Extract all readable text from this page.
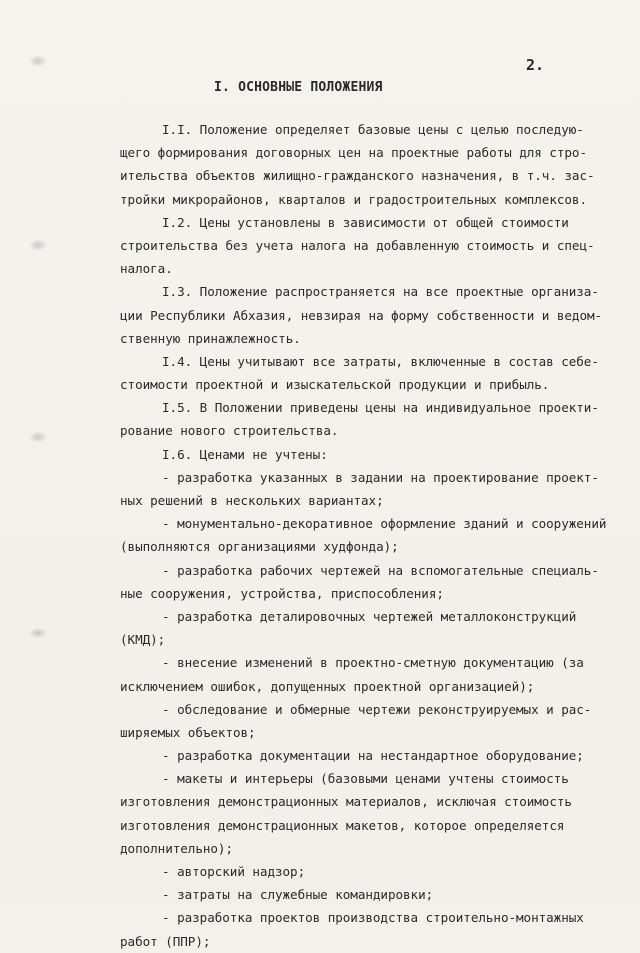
2.
I. ОСНОВНЫЕ ПОЛОЖЕНИЯ
I.I. Положение определяет базовые цены с целью последую-
щего формирования договорных цен на проектные работы для стро-
ительства объектов жилищно-гражданского назначения, в т.ч. зас-
тройки микрорайонов, кварталов и градостроительных комплексов.
I.2. Цены установлены в зависимости от общей стоимости
строительства без учета налога на добавленную стоимость и спец-
налога.
I.3. Положение распространяется на все проектные организа-
ции Республики Абхазия, невзирая на форму собственности и ведом-
ственную принажлежность.
I.4. Цены учитывают все затраты, включенные в состав себе-
стоимости проектной и изыскательской продукции и прибыль.
I.5. В Положении приведены цены на индивидуальное проекти-
рование нового строительства.
I.6. Ценами не учтены:
- разработка указанных в задании на проектирование проект-
ных решений в нескольких вариантах;
- монументально-декоративное оформление зданий и сооружений
(выполняются организациями худфонда);
- разработка рабочих чертежей на вспомогательные специаль-
ные сооружения, устройства, приспособления;
- разработка деталировочных чертежей металлоконструкций
(КМД);
- внесение изменений в проектно-сметную документацию (за
исключением ошибок, допущенных проектной организацией);
- обследование и обмерные чертежи реконструируемых и рас-
ширяемых объектов;
- разработка документации на нестандартное оборудование;
- макеты и интерьеры (базовыми ценами учтены стоимость
изготовления демонстрационных материалов, исключая стоимость
изготовления демонстрационных макетов, которое определяется
дополнительно);
- авторский надзор;
- затраты на служебные командировки;
- разработка проектов производства строительно-монтажных
работ (ППР);
